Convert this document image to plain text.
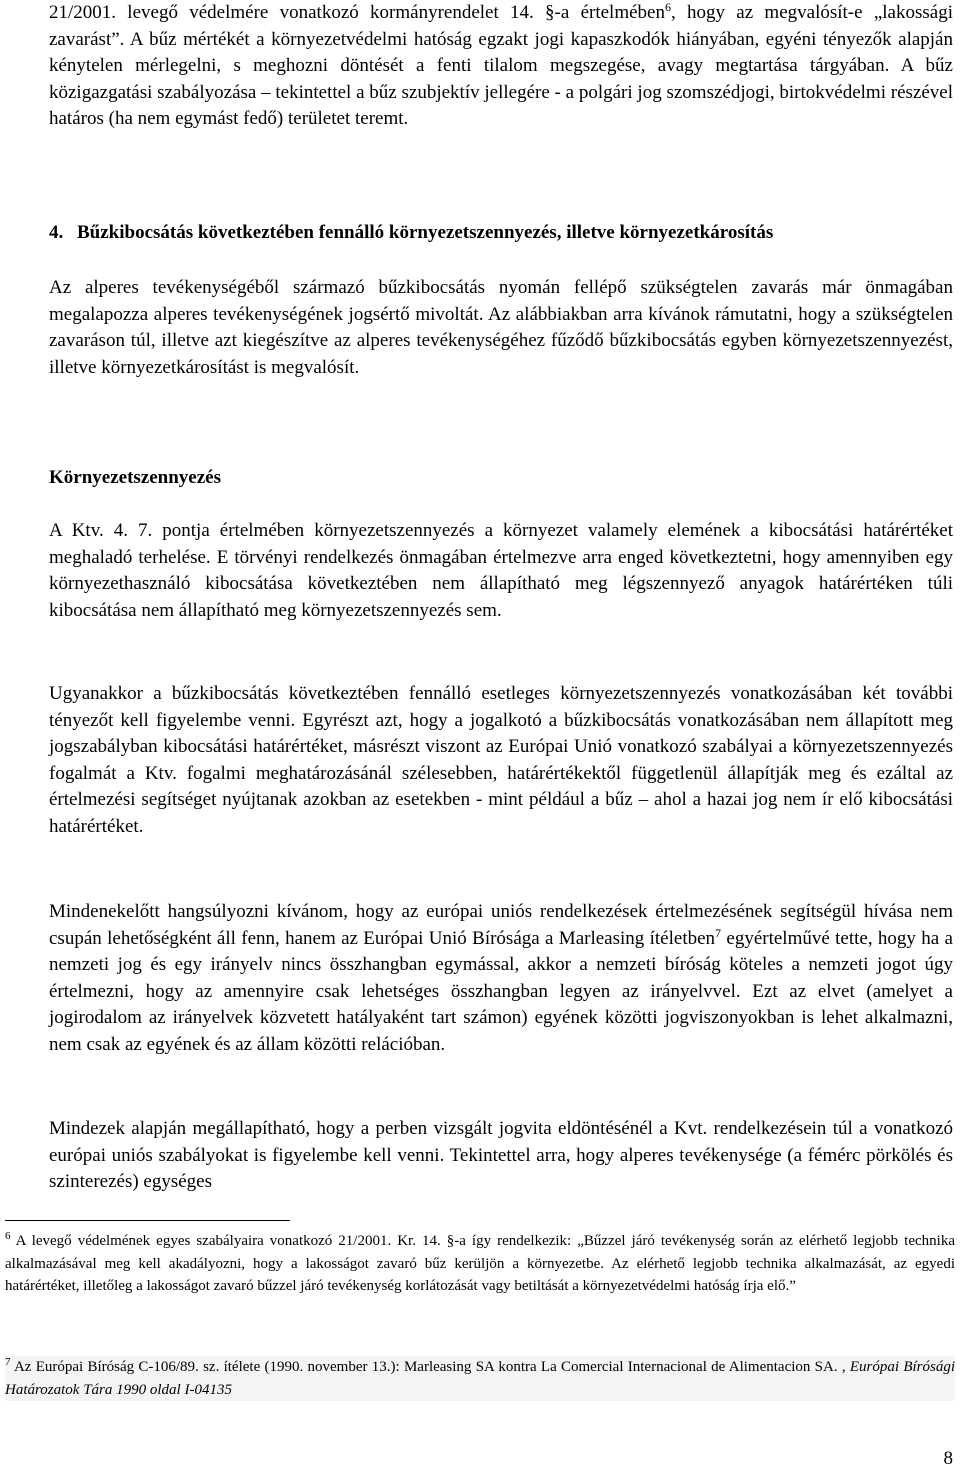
21/2001. levegő védelmére vonatkozó kormányrendelet 14. §-a értelmében$^6$, hogy az megvalósít-e „lakossági zavarást”. A bűz mértékét a környezetvédelmi hatóság egzakt jogi kapaszkodók hiányában, egyéni tényezők alapján kénytelen mérlegelni, s meghozni döntését a fenti tilalom megszegése, avagy megtartása tárgyában. A bűz közigazgatási szabályozása – tekintettel a bűz szubjektív jellegére - a polgári jog szomszédjogi, birtokvédelmi részével határos (ha nem egymást fedő) területet teremt.

4. Bűzkibocsátás következtében fennálló környezetszennyezés, illetve környezetkárosítás

Az alperes tevékenységéből származó bűzkibocsátás nyomán fellépő szükségtelen zavarás már önmagában megalapozza alperes tevékenységének jogsértő mivoltát. Az alábbiakban arra kívánok rámutatni, hogy a szükségtelen zavaráson túl, illetve azt kiegészítve az alperes tevékenységéhez fűződő bűzkibocsátás egyben környezetszennyezést, illetve környezetkárosítást is megvalósít.

Környezetszennyezés

A Ktv. 4. 7. pontja értelmében környezetszennyezés a környezet valamely elemének a kibocsátási határértéket meghaladó terhelése. E törvényi rendelkezés önmagában értelmezve arra enged következtetni, hogy amennyiben egy környezethasználó kibocsátása következtében nem állapítható meg légszennyező anyagok határértéken túli kibocsátása nem állapítható meg környezetszennyezés sem.

Ugyanakkor a bűzkibocsátás következtében fennálló esetleges környezetszennyezés vonatkozásában két további tényezőt kell figyelembe venni. Egyrészt azt, hogy a jogalkotó a bűzkibocsátás vonatkozásában nem állapított meg jogszabályban kibocsátási határértéket, másrészt viszont az Európai Unió vonatkozó szabályai a környezetszennyezés fogalmát a Ktv. fogalmi meghatározásánál szélesebben, határértékektől függetlenül állapítják meg és ezáltal az értelmezési segítséget nyújtanak azokban az esetekben - mint például a bűz – ahol a hazai jog nem ír elő kibocsátási határértéket.

Mindenekelőtt hangsúlyozni kívánom, hogy az európai uniós rendelkezések értelmezésének segítségül hívása nem csupán lehetőségként áll fenn, hanem az Európai Unió Bírósága a Marleasing ítéletben$^7$ egyértelművé tette, hogy ha a nemzeti jog és egy irányelv nincs összhangban egymással, akkor a nemzeti bíróság köteles a nemzeti jogot úgy értelmezni, hogy az amennyire csak lehetséges összhangban legyen az irányelvvel. Ezt az elvet (amelyet a jogirodalom az irányelvek közvetett hatályaként tart számon) egyének közötti jogviszonyokban is lehet alkalmazni, nem csak az egyének és az állam közötti relációban.

Mindezek alapján megállapítható, hogy a perben vizsgált jogvita eldöntésénél a Kvt. rendelkezésein túl a vonatkozó európai uniós szabályokat is figyelembe kell venni. Tekintettel arra, hogy alperes tevékenysége (a fémérc pörkölés és szinterezés) egységes

$^6$ A levegő védelmének egyes szabályaira vonatkozó 21/2001. Kr. 14. §-a így rendelkezik: „Bűzzel járó tevékenység során az elérhető legjobb technika alkalmazásával meg kell akadályozni, hogy a lakosságot zavaró bűz kerüljön a környezetbe. Az elérhető legjobb technika alkalmazását, az egyedi határértéket, illetőleg a lakosságot zavaró bűzzel járó tevékenység korlátozását vagy betiltását a környezetvédelmi hatóság írja elő.”

$^7$ Az Európai Bíróság C-106/89. sz. ítélete (1990. november 13.): Marleasing SA kontra La Comercial Internacional de Alimentacion SA. , Európai Bírósági Határozatok Tára 1990 oldal I-04135

8
